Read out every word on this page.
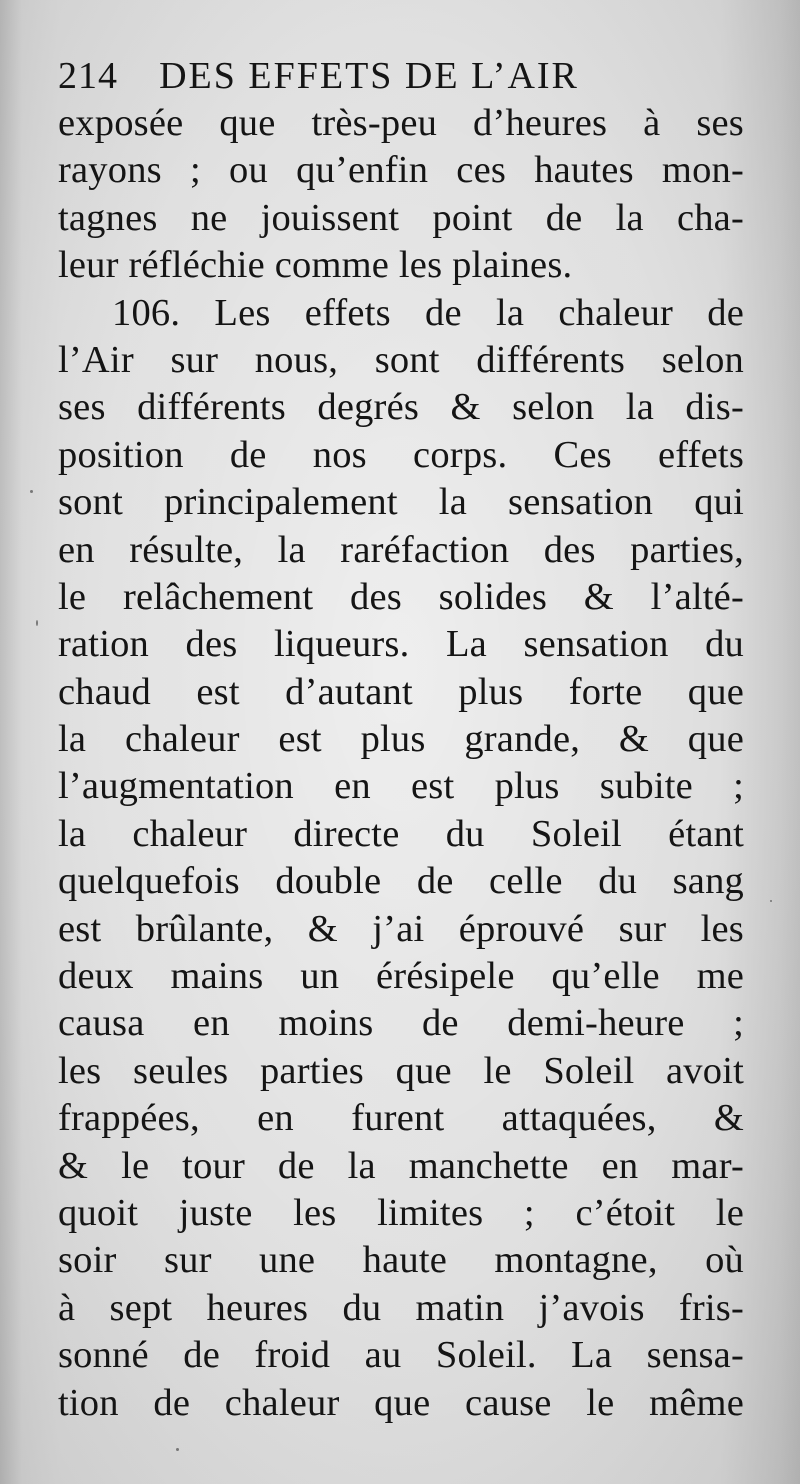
214 DES EFFETS DE L’AIR
exposée que très-peu d’heures à ses
rayons ; ou qu’enfin ces hautes mon-
tagnes ne jouissent point de la cha-
leur réfléchie comme les plaines.
106. Les effets de la chaleur de
l’Air sur nous, sont différents selon
ses différents degrés & selon la dis-
position de nos corps. Ces effets
sont principalement la sensation qui
en résulte, la raréfaction des parties,
le relâchement des solides & l’alté-
ration des liqueurs. La sensation du
chaud est d’autant plus forte que
la chaleur est plus grande, & que
l’augmentation en est plus subite ;
la chaleur directe du Soleil étant
quelquefois double de celle du sang
est brûlante, & j’ai éprouvé sur les
deux mains un érésipele qu’elle me
causa en moins de demi-heure ;
les seules parties que le Soleil avoit
frappées, en furent attaquées, &
& le tour de la manchette en mar-
quoit juste les limites ; c’étoit le
soir sur une haute montagne, où
à sept heures du matin j’avois fris-
sonné de froid au Soleil. La sensa-
tion de chaleur que cause le même
